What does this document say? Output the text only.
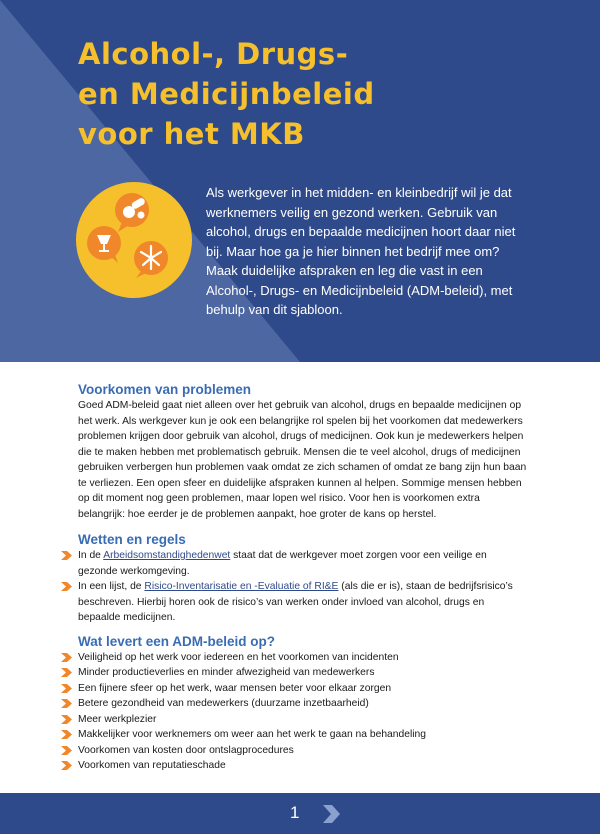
Alcohol-, Drugs-
en Medicijnbeleid
voor het MKB

Als werkgever in het midden- en kleinbedrijf wil je dat werknemers veilig en gezond werken. Gebruik van alcohol, drugs en bepaalde medicijnen hoort daar niet bij. Maar hoe ga je hier binnen het bedrijf mee om? Maak duidelijke afspraken en leg die vast in een Alcohol-, Drugs- en Medicijnbeleid (ADM-beleid), met behulp van dit sjabloon.

Voorkomen van problemen

Goed ADM-beleid gaat niet alleen over het gebruik van alcohol, drugs en bepaalde medicijnen op het werk. Als werkgever kun je ook een belangrijke rol spelen bij het voorkomen dat medewerkers problemen krijgen door gebruik van alcohol, drugs of medicijnen. Ook kun je medewerkers helpen die te maken hebben met problematisch gebruik. Mensen die te veel alcohol, drugs of medicijnen gebruiken verbergen hun problemen vaak omdat ze zich schamen of omdat ze bang zijn hun baan te verliezen. Een open sfeer en duidelijke afspraken kunnen al helpen. Sommige mensen hebben op dit moment nog geen problemen, maar lopen wel risico. Voor hen is voorkomen extra belangrijk: hoe eerder je de problemen aanpakt, hoe groter de kans op herstel.

Wetten en regels
In de Arbeidsomstandighedenwet staat dat de werkgever moet zorgen voor een veilige en gezonde werkomgeving.
In een lijst, de Risico-Inventarisatie en -Evaluatie of RI&E (als die er is), staan de bedrijfsrisico’s beschreven. Hierbij horen ook de risico’s van werken onder invloed van alcohol, drugs en bepaalde medicijnen.
Wat levert een ADM-beleid op?
Veiligheid op het werk voor iedereen en het voorkomen van incidenten
Minder productieverlies en minder afwezigheid van medewerkers
Een fijnere sfeer op het werk, waar mensen beter voor elkaar zorgen
Betere gezondheid van medewerkers (duurzame inzetbaarheid)
Meer werkplezier
Makkelijker voor werknemers om weer aan het werk te gaan na behandeling
Voorkomen van kosten door ontslagprocedures
Voorkomen van reputatieschade
1
